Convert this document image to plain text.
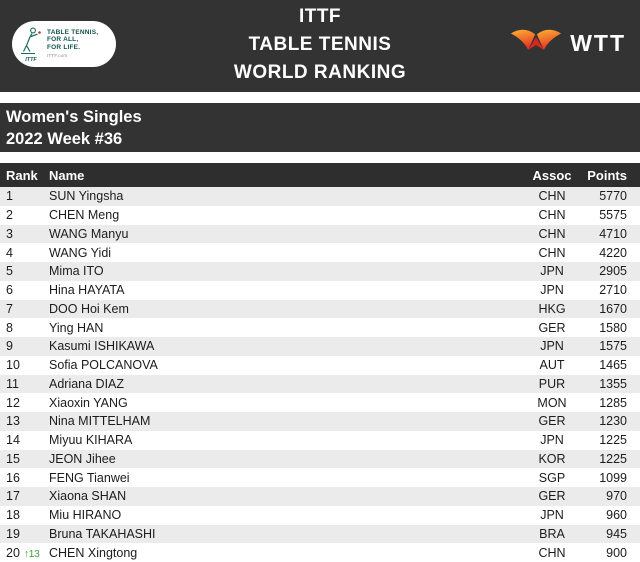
ITTF
TABLE TENNIS,
FOR ALL,
FOR LIFE.
ITTF.com
ITTF
TABLE TENNIS
WORLD RANKING
WTT
Women's Singles
2022 Week #36
Rank Name	Assoc	Points
1	SUN Yingsha	CHN	5770
2	CHEN Meng	CHN	5575
3	WANG Manyu	CHN	4710
4	WANG Yidi	CHN	4220
5	Mima ITO	JPN	2905
6	Hina HAYATA	JPN	2710
7	DOO Hoi Kem	HKG	1670
8	Ying HAN	GER	1580
9	Kasumi ISHIKAWA	JPN	1575
10 Sofia POLCANOVA	AUT	1465
11 Adriana DIAZ	PUR	1355
12 Xiaoxin YANG	MON	1285
13 Nina MITTELHAM	GER	1230
14 Miyuu KIHARA	JPN	1225
15 JEON Jihee	KOR	1225
16 FENG Tianwei	SGP	1099
17 Xiaona SHAN	GER	970
18 Miu HIRANO	JPN	960
19 Bruna TAKAHASHI	BRA	945
20 ↑13 CHEN Xingtong	CHN	900
